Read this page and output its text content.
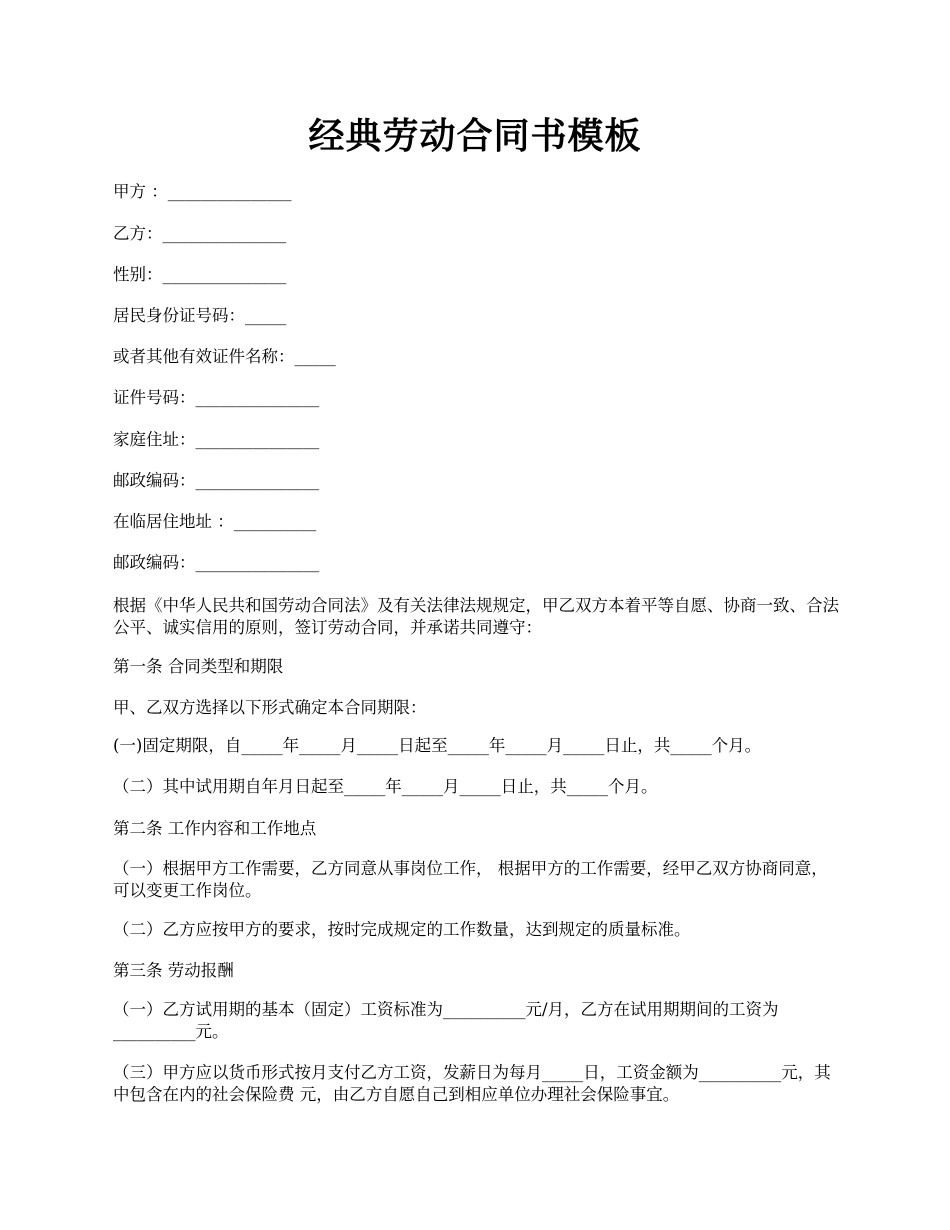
经典劳动合同书模板
甲方 ：_______________
乙方：_______________
性别：_______________
居民身份证号码：_____
或者其他有效证件名称：_____
证件号码：_______________
家庭住址：_______________
邮政编码：_______________
在临居住地址 ：__________
邮政编码：_______________
根据《中华人民共和国劳动合同法》及有关法律法规规定，甲乙双方本着平等自愿、协商一致、合法公平、诚实信用的原则，签订劳动合同，并承诺共同遵守：
第一条 合同类型和期限
甲、乙双方选择以下形式确定本合同期限：
(一)固定期限，自_____年_____月_____日起至_____年_____月_____日止，共_____个月。
（二）其中试用期自年月日起至_____年_____月_____日止，共_____个月。
第二条 工作内容和工作地点
（一）根据甲方工作需要，乙方同意从事岗位工作， 根据甲方的工作需要，经甲乙双方协商同意，可以变更工作岗位。
（二）乙方应按甲方的要求，按时完成规定的工作数量，达到规定的质量标准。
第三条 劳动报酬
（一）乙方试用期的基本（固定）工资标准为__________元/月，乙方在试用期期间的工资为__________元。
（三）甲方应以货币形式按月支付乙方工资，发薪日为每月_____日，工资金额为__________元，其中包含在内的社会保险费 元，由乙方自愿自己到相应单位办理社会保险事宜。
